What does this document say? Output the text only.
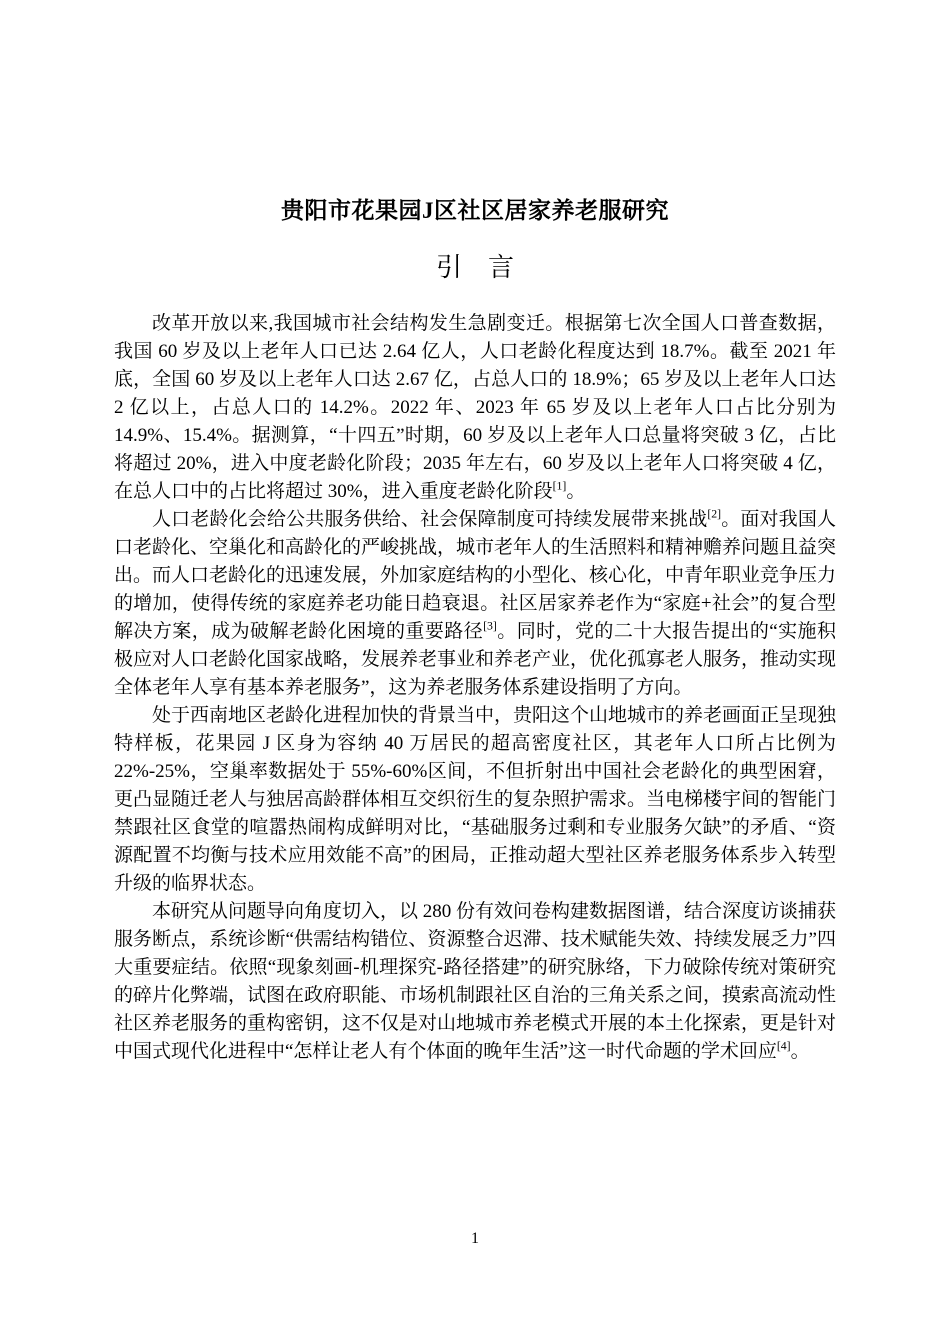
贵阳市花果园J区社区居家养老服研究
引　言

改革开放以来,我国城市社会结构发生急剧变迁。根据第七次全国人口普查数据，我国 60 岁及以上老年人口已达 2.64 亿人，人口老龄化程度达到 18.7%。截至 2021 年底，全国 60 岁及以上老年人口达 2.67 亿，占总人口的 18.9%；65 岁及以上老年人口达 2 亿以上，占总人口的 14.2%。2022 年、2023 年 65 岁及以上老年人口占比分别为 14.9%、15.4%。据测算，“十四五”时期，60 岁及以上老年人口总量将突破 3 亿，占比将超过 20%，进入中度老龄化阶段；2035 年左右，60 岁及以上老年人口将突破 4 亿，在总人口中的占比将超过 30%，进入重度老龄化阶段[1]。

人口老龄化会给公共服务供给、社会保障制度可持续发展带来挑战[2]。面对我国人口老龄化、空巢化和高龄化的严峻挑战，城市老年人的生活照料和精神赡养问题且益突出。而人口老龄化的迅速发展，外加家庭结构的小型化、核心化，中青年职业竞争压力的增加，使得传统的家庭养老功能日趋衰退。社区居家养老作为“家庭+社会”的复合型解决方案，成为破解老龄化困境的重要路径[3]。同时，党的二十大报告提出的“实施积极应对人口老龄化国家战略，发展养老事业和养老产业，优化孤寡老人服务，推动实现全体老年人享有基本养老服务”，这为养老服务体系建设指明了方向。

处于西南地区老龄化进程加快的背景当中，贵阳这个山地城市的养老画面正呈现独特样板，花果园 J 区身为容纳 40 万居民的超高密度社区，其老年人口所占比例为 22%-25%，空巢率数据处于 55%-60%区间，不但折射出中国社会老龄化的典型困窘，更凸显随迁老人与独居高龄群体相互交织衍生的复杂照护需求。当电梯楼宇间的智能门禁跟社区食堂的喧嚣热闹构成鲜明对比，“基础服务过剩和专业服务欠缺”的矛盾、“资源配置不均衡与技术应用效能不高”的困局，正推动超大型社区养老服务体系步入转型升级的临界状态。

本研究从问题导向角度切入，以 280 份有效问卷构建数据图谱，结合深度访谈捕获服务断点，系统诊断“供需结构错位、资源整合迟滞、技术赋能失效、持续发展乏力”四大重要症结。依照“现象刻画-机理探究-路径搭建”的研究脉络，下力破除传统对策研究的碎片化弊端，试图在政府职能、市场机制跟社区自治的三角关系之间，摸索高流动性社区养老服务的重构密钥，这不仅是对山地城市养老模式开展的本土化探索，更是针对中国式现代化进程中“怎样让老人有个体面的晚年生活”这一时代命题的学术回应[4]。

1
